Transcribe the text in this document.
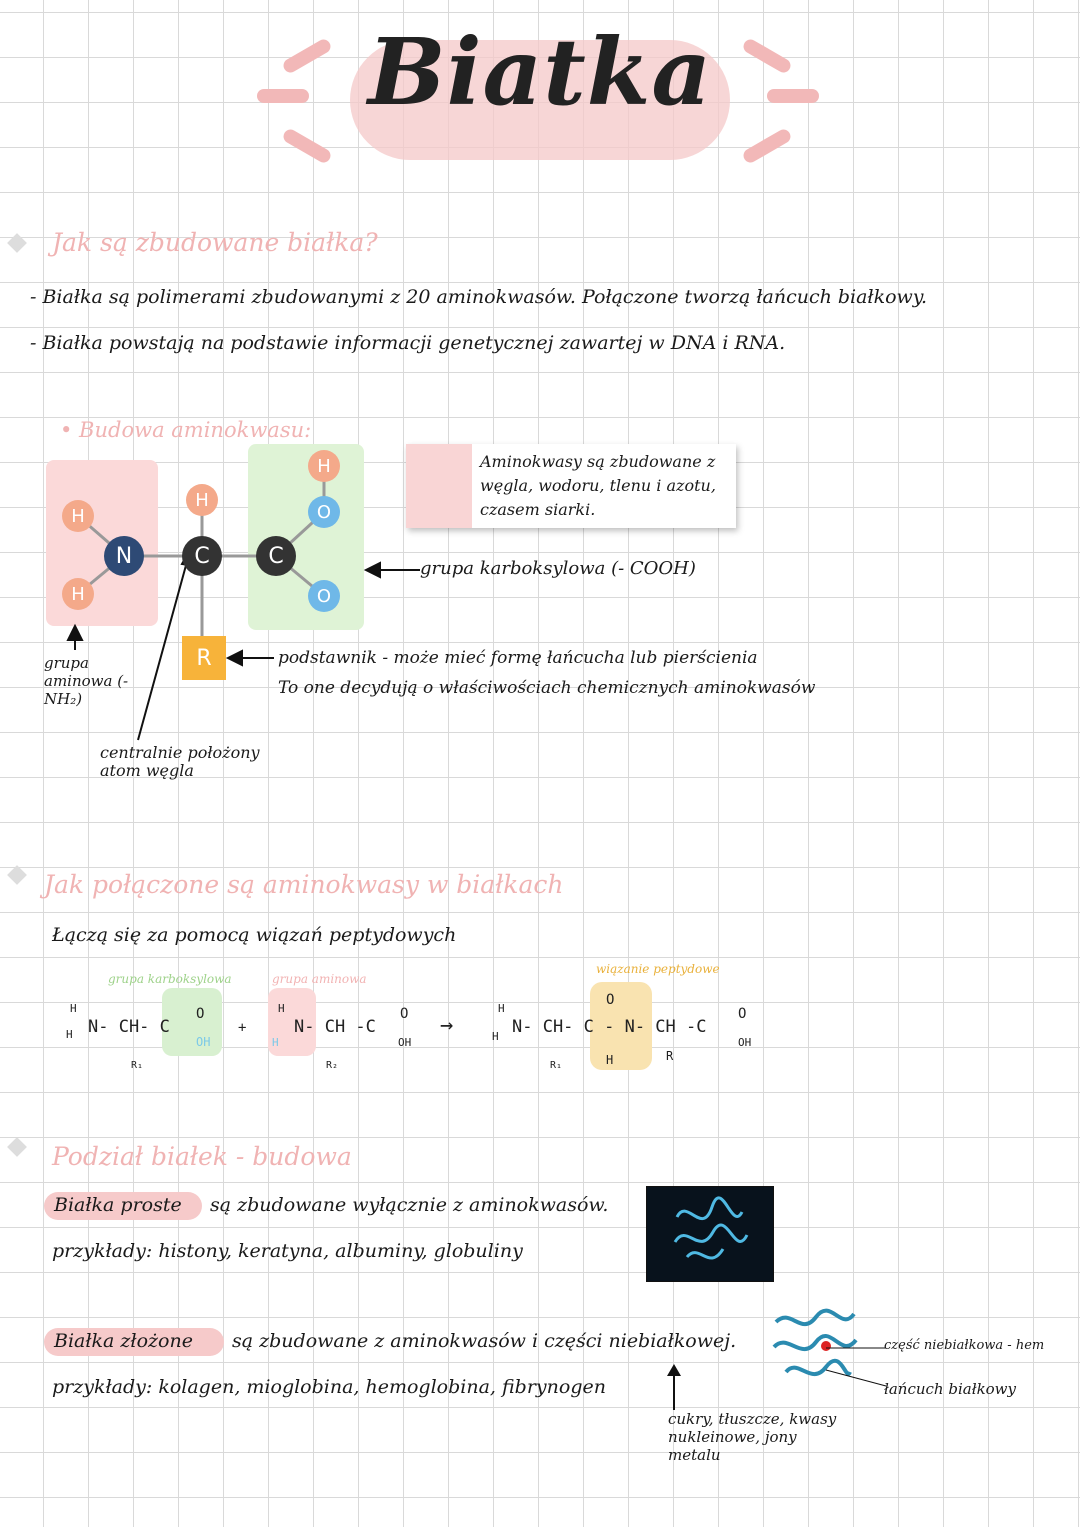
Biatka
Jak są zbudowane białka?
- Białka są polimerami zbudowanymi z 20 aminokwasów. Połączone tworzą łańcuch białkowy.
- Białka powstają na podstawie informacji genetycznej zawartej w DNA i RNA.
• Budowa aminokwasu:
H
H
N
H
C	C
H
O
O
R
Aminokwasy są zbudowane z węgla, wodoru, tlenu i azotu, czasem siarki.
grupa karboksylowa (- COOH)
podstawnik - może mieć formę łańcucha lub pierścienia
To one decydują o właściwościach chemicznych aminokwasów
grupa aminowa (-NH₂)
centralnie położony atom węgla
Jak połączone są aminokwasy w białkach
Łączą się za pomocą wiązań peptydowych
grupa karboksylowa	grupa aminowa
wiązanie peptydowe
H
H N- CH- C
O
OH
R₁
+
H
H
N- CH -C
O
OH
R₂
→
H
H N- CH- C - N- CH -C
O
H	R
R₁
O
OH
Podział białek - budowa
Białka proste są zbudowane wyłącznie z aminokwasów.
przykłady: histony, keratyna, albuminy, globuliny
Białka złożone są zbudowane z aminokwasów i części niebiałkowej.
przykłady: kolagen, mioglobina, hemoglobina, fibrynogen
cukry, tłuszcze, kwasy nukleinowe, jony metalu
część niebiałkowa - hem
łańcuch białkowy
